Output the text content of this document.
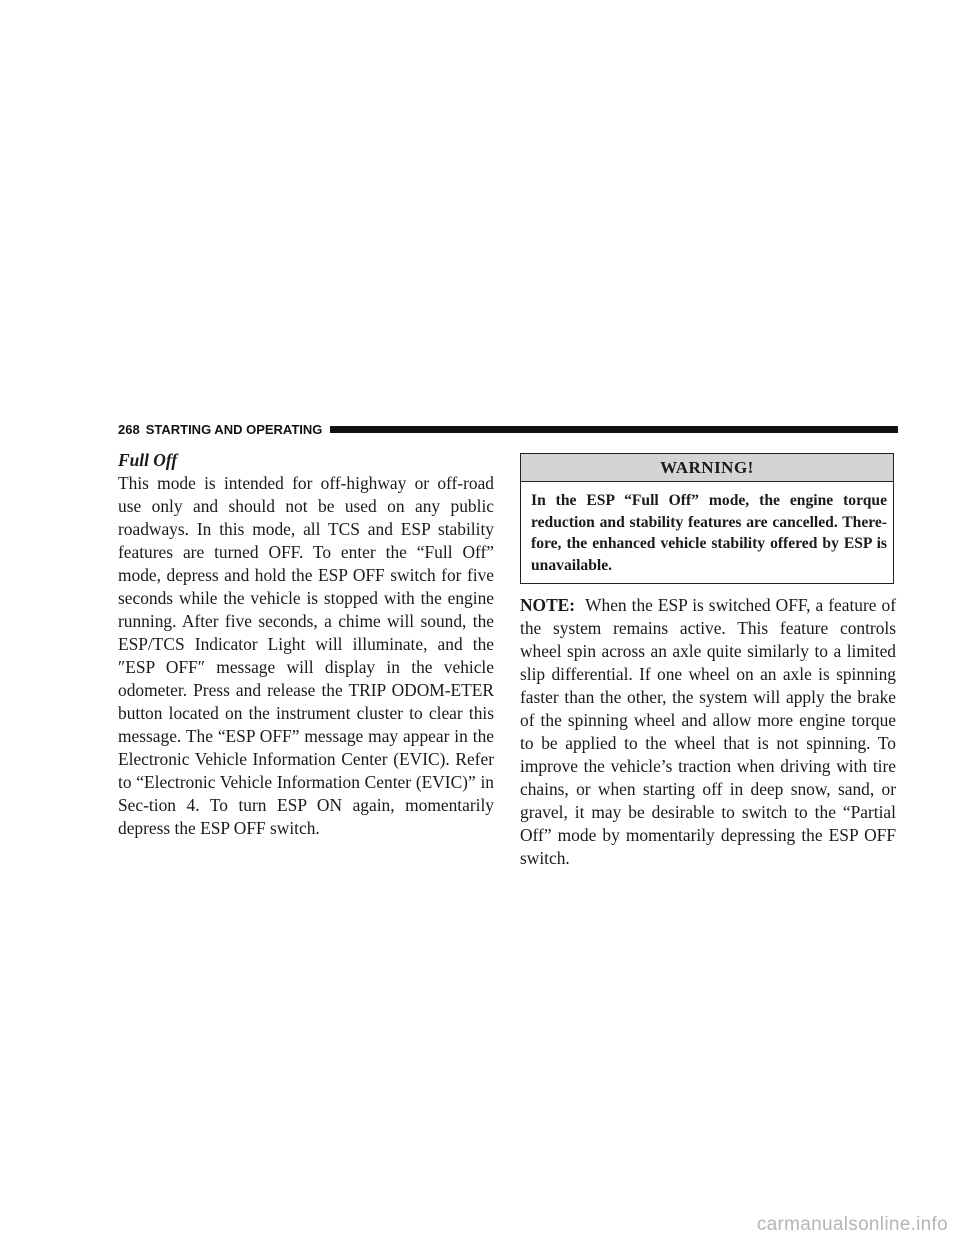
268 STARTING AND OPERATING

Full Off

This mode is intended for off-highway or off-road use only and should not be used on any public roadways. In this mode, all TCS and ESP stability features are turned OFF. To enter the “Full Off” mode, depress and hold the ESP OFF switch for five seconds while the vehicle is stopped with the engine running. After five seconds, a chime will sound, the ESP/TCS Indicator Light will illuminate, and the ″ESP OFF″ message will display in the vehicle odometer. Press and release the TRIP ODOM-ETER button located on the instrument cluster to clear this message. The “ESP OFF” message may appear in the Electronic Vehicle Information Center (EVIC). Refer to “Electronic Vehicle Information Center (EVIC)” in Sec-tion 4. To turn ESP ON again, momentarily depress the ESP OFF switch.

WARNING!
In the ESP “Full Off” mode, the engine torque reduction and stability features are cancelled. There-fore, the enhanced vehicle stability offered by ESP is unavailable.

NOTE: When the ESP is switched OFF, a feature of the system remains active. This feature controls wheel spin across an axle quite similarly to a limited slip differential. If one wheel on an axle is spinning faster than the other, the system will apply the brake of the spinning wheel and allow more engine torque to be applied to the wheel that is not spinning. To improve the vehicle’s traction when driving with tire chains, or when starting off in deep snow, sand, or gravel, it may be desirable to switch to the “Partial Off” mode by momentarily depressing the ESP OFF switch.

carmanualsonline.info
